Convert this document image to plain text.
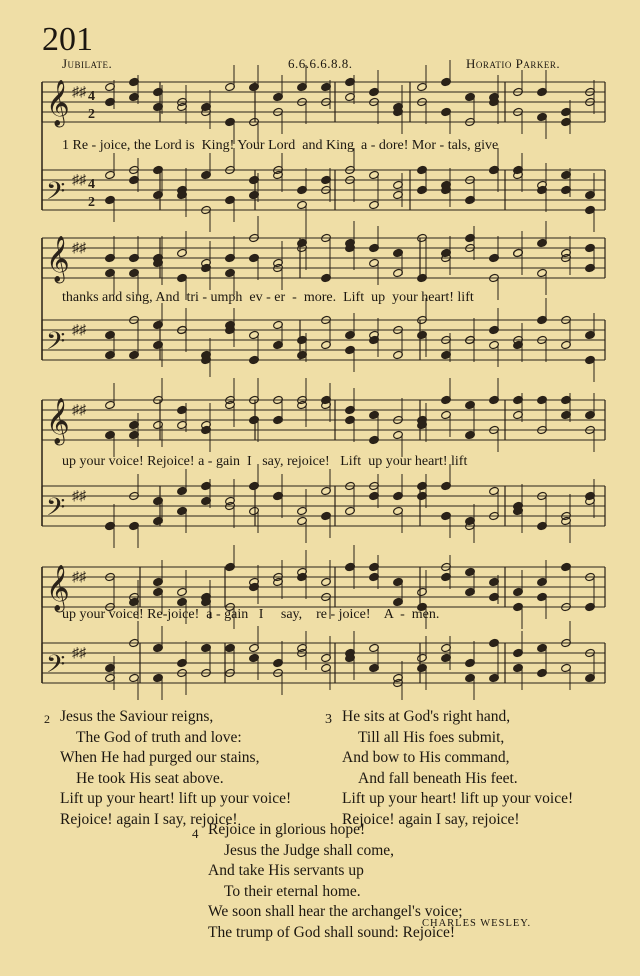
201
Jubilate.	6.6.6.6.8.8.	Horatio Parker.
𝄞 ♯♯
𝄢 ♯♯
𝄞 ♯♯
𝄢 ♯♯
𝄞 ♯♯
𝄢 ♯♯
𝄞 ♯♯
𝄢 ♯♯
4
2
4
2
1 Re - joice, the Lord is  King! Your Lord  and King  a - dore! Mor - tals, give
thanks and sing, And  tri - umph  ev - er  -  more.  Lift  up  your heart! lift
up your voice! Rejoice! a - gain  I   say, rejoice!   Lift  up your heart! lift
up your voice! Re-joice!  a - gain   I     say,    re - joice!    A  -  men.
2 Jesus the Saviour reigns,
The God of truth and love:
When He had purged our stains,
He took His seat above.
Lift up your heart! lift up your voice!
Rejoice! again I say, rejoice!
3 He sits at God's right hand,
Till all His foes submit,
And bow to His command,
And fall beneath His feet.
Lift up your heart! lift up your voice!
Rejoice! again I say, rejoice!
4 Rejoice in glorious hope!
Jesus the Judge shall come,
And take His servants up
To their eternal home.
We soon shall hear the archangel's voice;
The trump of God shall sound: Rejoice!
CHARLES WESLEY.
